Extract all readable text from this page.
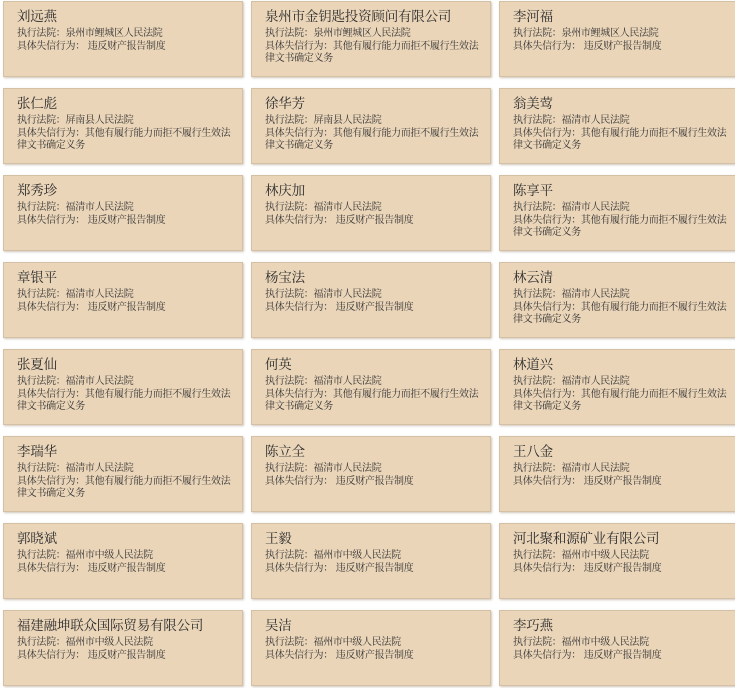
刘远燕
执行法院：泉州市鲤城区人民法院
具体失信行为： 违反财产报告制度
泉州市金钥匙投资顾问有限公司
执行法院：泉州市鲤城区人民法院
具体失信行为：其他有履行能力而拒不履行生效法律文书确定义务
李河福
执行法院：泉州市鲤城区人民法院
具体失信行为： 违反财产报告制度
张仁彪
执行法院：屏南县人民法院
具体失信行为：其他有履行能力而拒不履行生效法律文书确定义务
徐华芳
执行法院：屏南县人民法院
具体失信行为：其他有履行能力而拒不履行生效法律文书确定义务
翁美莺
执行法院：福清市人民法院
具体失信行为：其他有履行能力而拒不履行生效法律文书确定义务
郑秀珍
执行法院：福清市人民法院
具体失信行为： 违反财产报告制度
林庆加
执行法院：福清市人民法院
具体失信行为： 违反财产报告制度
陈享平
执行法院：福清市人民法院
具体失信行为：其他有履行能力而拒不履行生效法律文书确定义务
章银平
执行法院：福清市人民法院
具体失信行为： 违反财产报告制度
杨宝法
执行法院：福清市人民法院
具体失信行为： 违反财产报告制度
林云清
执行法院：福清市人民法院
具体失信行为：其他有履行能力而拒不履行生效法律文书确定义务
张夏仙
执行法院：福清市人民法院
具体失信行为：其他有履行能力而拒不履行生效法律文书确定义务
何英
执行法院：福清市人民法院
具体失信行为：其他有履行能力而拒不履行生效法律文书确定义务
林道兴
执行法院：福清市人民法院
具体失信行为：其他有履行能力而拒不履行生效法律文书确定义务
李瑞华
执行法院：福清市人民法院
具体失信行为：其他有履行能力而拒不履行生效法律文书确定义务
陈立全
执行法院：福清市人民法院
具体失信行为： 违反财产报告制度
王八金
执行法院：福清市人民法院
具体失信行为： 违反财产报告制度
郭晓斌
执行法院：福州市中级人民法院
具体失信行为： 违反财产报告制度
王毅
执行法院：福州市中级人民法院
具体失信行为： 违反财产报告制度
河北聚和源矿业有限公司
执行法院：福州市中级人民法院
具体失信行为： 违反财产报告制度
福建融坤联众国际贸易有限公司
执行法院：福州市中级人民法院
具体失信行为： 违反财产报告制度
吴洁
执行法院：福州市中级人民法院
具体失信行为： 违反财产报告制度
李巧燕
执行法院：福州市中级人民法院
具体失信行为： 违反财产报告制度
